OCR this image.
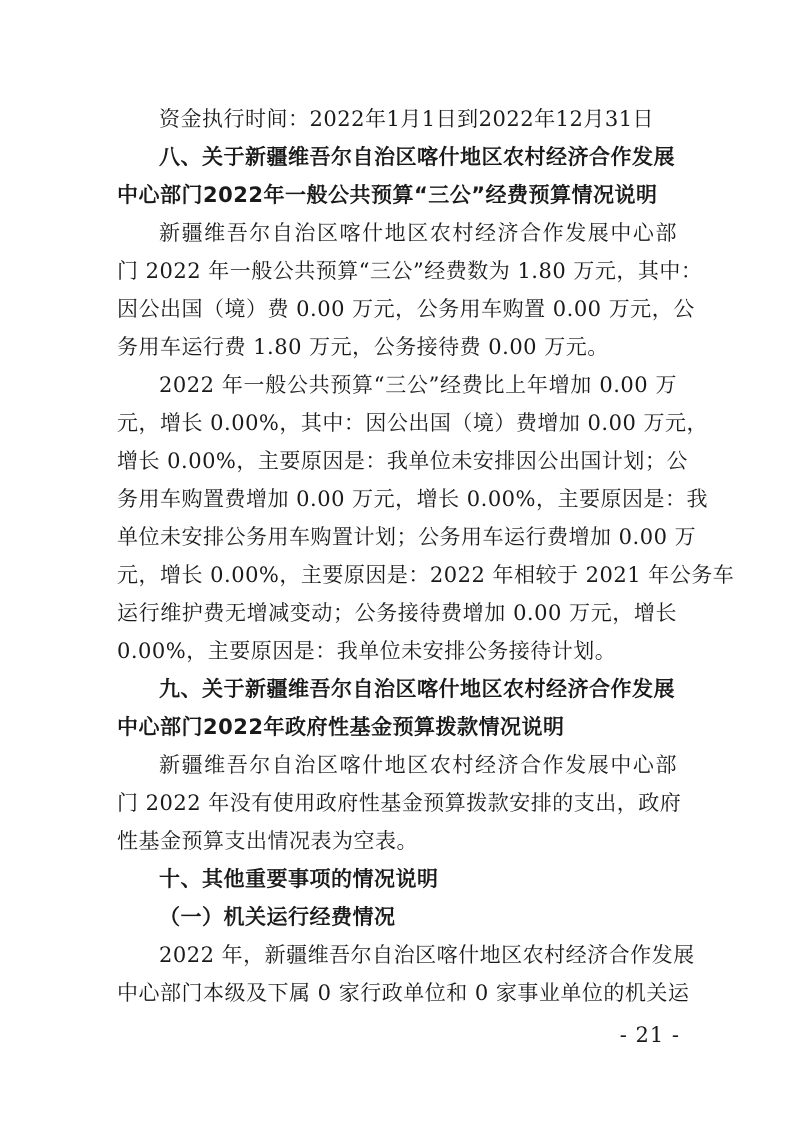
资金执行时间：2022年1月1日到2022年12月31日
八、关于新疆维吾尔自治区喀什地区农村经济合作发展
中心部门2022年一般公共预算“三公”经费预算情况说明
新疆维吾尔自治区喀什地区农村经济合作发展中心部
门 2022 年一般公共预算“三公”经费数为 1.80 万元，其中：
因公出国（境）费 0.00 万元，公务用车购置 0.00 万元，公
务用车运行费 1.80 万元，公务接待费 0.00 万元。
2022 年一般公共预算“三公”经费比上年增加 0.00 万
元，增长 0.00%，其中：因公出国（境）费增加 0.00 万元，
增长 0.00%，主要原因是：我单位未安排因公出国计划；公
务用车购置费增加 0.00 万元，增长 0.00%，主要原因是：我
单位未安排公务用车购置计划；公务用车运行费增加 0.00 万
元，增长 0.00%，主要原因是：2022 年相较于 2021 年公务车
运行维护费无增减变动；公务接待费增加 0.00 万元，增长
0.00%，主要原因是：我单位未安排公务接待计划。
九、关于新疆维吾尔自治区喀什地区农村经济合作发展
中心部门2022年政府性基金预算拨款情况说明
新疆维吾尔自治区喀什地区农村经济合作发展中心部
门 2022 年没有使用政府性基金预算拨款安排的支出，政府
性基金预算支出情况表为空表。
十、其他重要事项的情况说明
（一）机关运行经费情况
2022 年，新疆维吾尔自治区喀什地区农村经济合作发展
中心部门本级及下属 0 家行政单位和 0 家事业单位的机关运
- 21 -
